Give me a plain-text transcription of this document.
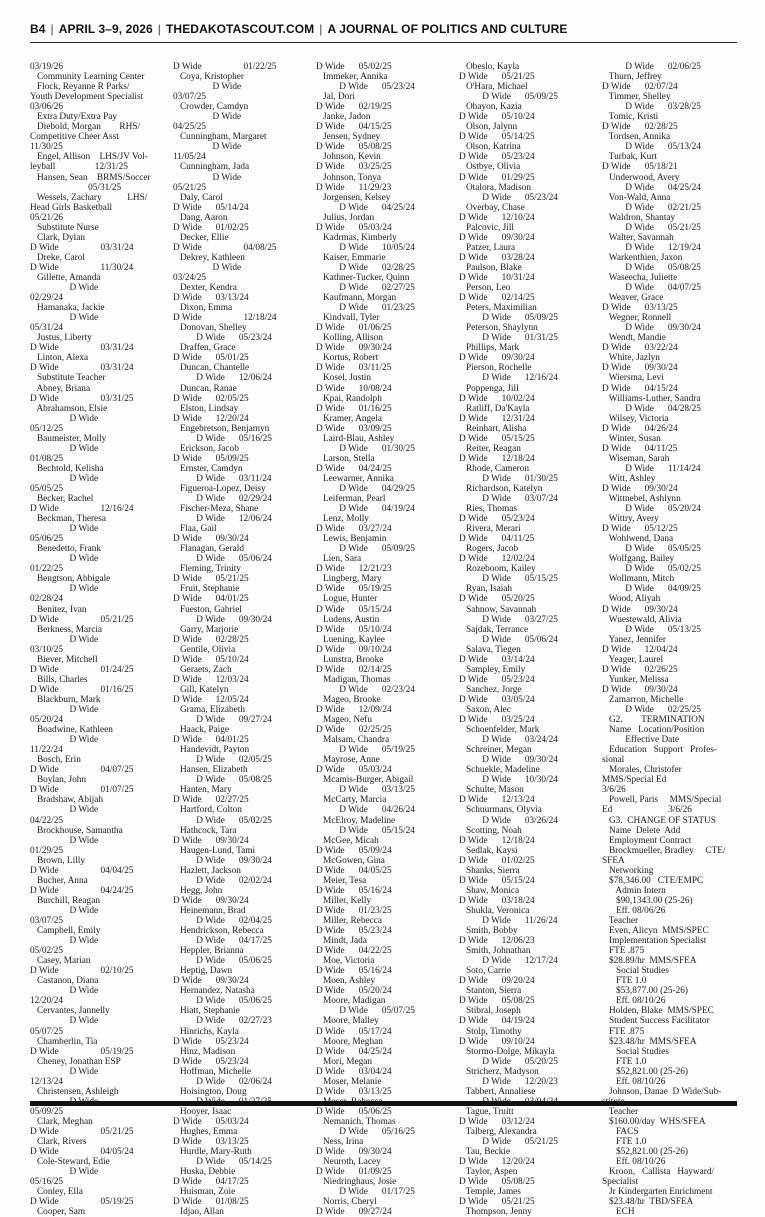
B4 | APRIL 3–9, 2026 | THEDAKOTASCOUT.COM | A JOURNAL OF POLITICS AND CULTURE
03/19/26
Community Learning Center
Flock, Reyanne R Parks/
Youth Development Specialist
03/06/26
Extra Duty/Extra Pay
Diebold, Morgan        RHS/
Competitive Cheer Asst
11/30/25
Engel, Allison    LHS/JV Vol-
leyball                 12/31/25
Hansen, Sean    BRMS/Soccer
05/31/25
Wessels, Zachary           LHS/
Head Girls Basketball
05/21/26
Substitute Nurse
Clark, Dylan
D Wide                  03/31/24
Dreke, Carol
D Wide                  11/30/24
Gillette, Amanda
D Wide
02/29/24
Hamanaka, Jackie
D Wide
05/31/24
Justus, Liberty
D Wide                  03/31/24
Linton, Alexa
D Wide                  03/31/24
Substitute Teacher
Abney, Briana
D Wide                  03/31/25
Abrahamson, Elsie
D Wide
05/12/25
Baumeister, Molly
D Wide
01/08/25
Bechtold, Kelisha
D Wide
05/05/25
Becker, Rachel
D Wide                  12/16/24
Beckman, Theresa
D Wide
05/06/25
Benedetto, Frank
D Wide
01/22/25
Bengtson, Abbigale
D Wide
02/28/24
Benitez, Ivan
D Wide                  05/21/25
Berkness, Marcia
D Wide
03/10/25
Biever, Mitchell
D Wide                  01/24/25
Bills, Charles
D Wide                  01/16/25
Blackburn, Mark
D Wide
05/20/24
Boadwine, Kathleen
D Wide
11/22/24
Bosch, Erin
D Wide                  04/07/25
Boylan, John
D Wide                  01/07/25
Bradshaw, Abijah
D Wide
04/22/25
Brockhouse, Samantha
D Wide
01/29/25
Brown, Lilly
D Wide                  04/04/25
Bucher, Anna
D Wide                  04/24/25
Burchill, Reagan
D Wide
03/07/25
Campbell, Emily
D Wide
05/02/25
Casey, Marian
D Wide                  02/10/25
Castanon, Diana
D Wide
12/20/24
Cervantes, Jannelly
D Wide
05/07/25
Chamberlin, Tia
D Wide                  05/19/25
Cheney, Jonathan ESP
D Wide
12/13/24
Christensen, Ashleigh
05/09/25
Clark, Meghan
D Wide                  05/21/25
Clark, Rivers
D Wide                  04/05/24
Cole-Steward, Edie
D Wide
05/16/25
Conley, Ella
D Wide                  05/19/25
Cooper, Sam
D Wide                  01/22/25
Coya, Kristopher
D Wide
03/07/25
Crowder, Camdyn
D Wide
04/25/25
Cunningham, Margaret
D Wide
11/05/24
Cunningham, Jada
D Wide
05/21/25
Daly, Carol
D Wide      05/14/24
Dang, Aaron
D Wide      01/02/25
Decker, Ellie
D Wide                  04/08/25
Dekrey, Kathleen
D Wide
03/24/25
Dexter, Kendra
D Wide      03/13/24
Dixon, Emma
D Wide                  12/18/24
Donovan, Shelley
D Wide      05/23/24
Draffen, Grace
D Wide      05/01/25
Duncan, Chantelle
D Wide      12/06/24
Duncan, Ranae
D Wide      02/05/25
Elston, Lindsay
D Wide      12/20/24
Engebretson, Benjamyn
D Wide      05/16/25
Erickson, Jacob
D Wide      05/09/25
Ernster, Camdyn
D Wide      03/11/24
Figueroa-Lopez, Deisy
D Wide      02/29/24
Fischer-Meza, Shane
D Wide      12/06/24
Flaa, Gail
D Wide      09/30/24
Flanagan, Gerald
D Wide      05/06/24
Fleming, Trinity
D Wide      05/21/25
Fruit, Stephanie
D Wide      04/01/25
Fueston, Gabriel
D Wide      09/30/24
Garry, Marjorie
D Wide      02/28/25
Gentile, Olivia
D Wide      05/10/24
Geraets, Zach
D Wide      12/03/24
Gill, Katelyn
D Wide      12/05/24
Grama, Elizabeth
D Wide      09/27/24
Haack, Paige
D Wide      04/01/25
Handevidt, Payton
D Wide      02/05/25
Hansen, Elizabeth
D Wide      05/08/25
Hanten, Mary
D Wide      02/27/25
Hartford, Colton
D Wide      05/02/25
Hathcock, Tara
D Wide      09/30/24
Haugen-Lund, Tami
D Wide      09/30/24
Hazlett, Jackson
D Wide      02/02/24
Hegg, John
D Wide      09/30/24
Heinemann, Brad
D Wide      02/04/25
Hendrickson, Rebecca
D Wide      04/17/25
Heppler, Brianna
D Wide      05/06/25
Heptig, Dawn
D Wide      09/30/24
Hernandez, Natasha
D Wide      05/06/25
Hiatt, Stephanie
D Wide      02/27/23
Hinrichs, Kayla
D Wide      05/23/24
Hinz, Madison
D Wide      05/23/24
Hoffman, Michelle
D Wide      02/06/24
Hoisington, Doug
Hooyer, Isaac
D Wide      05/03/24
Hughes, Emma
D Wide      03/13/25
Hurdle, Mary-Ruth
D Wide      05/14/25
Huska, Debbie
D Wide      04/17/25
Huisman, Zoie
D Wide      01/08/25
Idjao, Allan
D Wide      05/02/25
Immeker, Annika
D Wide      05/23/24
Jal, Dori
D Wide      02/19/25
Janke, Jadon
D Wide      04/15/25
Jensen, Sydney
D Wide      05/08/25
Johnson, Kevin
D Wide      03/25/25
Johnson, Tonya
D Wide      11/29/23
Jorgensen, Kelsey
D Wide      04/25/24
Julius, Jordan
D Wide      05/03/24
Kadrmas, Kimberly
D Wide      10/05/24
Kaiser, Emmarie
D Wide      02/28/25
Kathner-Tucker, Quinn
D Wide      02/27/25
Kaufmann, Morgan
D Wide      01/23/25
Kindvall, Tyler
D Wide      01/06/25
Kolling, Allison
D Wide      09/30/24
Kortus, Robert
D Wide      03/11/25
Kosel, Justin
D Wide      10/08/24
Kpai, Randolph
D Wide      01/16/25
Kramer, Angela
D Wide      03/09/25
Laird-Blau, Ashley
D Wide      01/30/25
Larson, Stella
D Wide      04/24/25
Leewarner, Annika
D Wide      04/29/25
Leiferman, Pearl
D Wide      04/19/24
Lenz, Molly
D Wide      03/27/24
Lewis, Benjamin
D Wide      05/09/25
Lien, Sara
D Wide      12/21/23
Lingberg, Mary
D Wide      05/19/25
Logue, Hunter
D Wide      05/15/24
Ludens, Austin
D Wide      05/10/24
Luening, Kaylee
D Wide      09/10/24
Lunstra, Brooke
D Wide      02/14/25
Madigan, Thomas
D Wide      02/23/24
Mageo, Brooke
D Wide      12/09/24
Mageo, Nefu
D Wide      02/25/25
Malsam, Chandra
D Wide      05/19/25
Mayrose, Anne
D Wide      05/03/24
Mcamis-Burger, Abigail
D Wide      03/13/25
McCarty, Marcia
D Wide      04/26/24
McElroy, Madeline
D Wide      05/15/24
McGee, Micah
D Wide      05/09/24
McGowen, Gina
D Wide      04/05/25
Meier, Tesa
D Wide      05/16/24
Miller, Kelly
D Wide      01/23/25
Miller, Rebecca
D Wide      05/23/24
Mindt, Jada
D Wide      04/22/25
Moe, Victoria
D Wide      05/16/24
Moen, Ashley
D Wide      05/20/24
Moore, Madigan
D Wide      05/07/25
Moore, Malley
D Wide      05/17/24
Moore, Meghan
D Wide      04/25/24
Mori, Megan
D Wide      03/04/24
Moser, Melanie
D Wide      03/13/25
D Wide      05/06/25
Nemanich, Thomas
D Wide      05/16/25
Ness, Irina
D Wide      09/30/24
Neuroth, Lacey
D Wide      01/09/25
Niedringhaus, Josie
D Wide      01/17/25
Norris, Cheryl
D Wide      09/27/24
Obeslo, Kayla
D Wide      05/21/25
O'Hara, Michael
D Wide      05/09/25
Ohayon, Kazia
D Wide      05/10/24
Olson, Jalynn
D Wide      05/14/25
Olson, Katrina
D Wide      05/23/24
Ostbye, Olivia
D Wide      01/29/25
Otalora, Madison
D Wide      05/23/24
Overbay, Chase
D Wide      12/10/24
Palcovic, Jill
D Wide      09/30/24
Patzer, Laura
D Wide      03/28/24
Paulson, Blake
D Wide      10/31/24
Person, Leo
D Wide      02/14/25
Peters, Maximilian
D Wide      05/09/25
Peterson, Shaylynn
D Wide      01/31/25
Phillips, Mark
D Wide      09/30/24
Pierson, Rochelle
D Wide      12/16/24
Poppenga, Jill
D Wide      10/02/24
Ratliff, Da'Kayla
D Wide      12/31/24
Reinhart, Alisha
D Wide      05/15/25
Reiter, Reagan
D Wide      12/18/24
Rhode, Cameron
D Wide      01/30/25
Richardson, Katelyn
D Wide      03/07/24
Ries, Thomas
D Wide      05/23/24
Rivera, Merari
D Wide      04/11/25
Rogers, Jacob
D Wide      12/02/24
Rozeboom, Kailey
D Wide      05/15/25
Ryan, Isaiah
D Wide      05/20/25
Sahnow, Savannah
D Wide      03/27/25
Sajdak, Terrance
D Wide      05/06/24
Salava, Tiegen
D Wide      03/14/24
Sampley, Emily
D Wide      05/23/24
Sanchez, Jorge
D Wide      03/05/24
Saxon, Alec
D Wide      03/25/24
Schoenfelder, Mark
D Wide      03/24/24
Schreiner, Megan
D Wide      09/30/24
Schuekle, Madeline
D Wide      10/30/24
Schulte, Mason
D Wide      12/13/24
Schuurmans, Olyvia
D Wide      03/26/24
Scotting, Noah
D Wide      12/18/24
Sedlak, Kaysi
D Wide      01/02/25
Shanks, Sierra
D Wide      05/15/24
Shaw, Monica
D Wide      03/18/24
Shukla, Veronica
D Wide      11/26/24
Smith, Bobby
D Wide      12/06/23
Smith, Johnathan
D Wide      12/17/24
Soto, Carrie
D Wide      09/20/24
Stanton, Sierra
D Wide      05/08/25
Stibral, Joseph
D Wide      04/19/24
Stolp, Timothy
D Wide      09/10/24
Stormo-Dolge, Mikayla
D Wide      05/20/25
Stricherz, Madyson
D Wide      12/20/23
Tabbert, Annaliese
Tague, Truitt
D Wide      03/12/24
Talberg, Alexandra
D Wide      05/21/25
Tau, Beckie
D Wide      12/20/24
Taylor, Aspen
D Wide      05/08/25
Temple, James
D Wide      05/21/25
Thompson, Jenny
D Wide      02/06/25
Thurn, Jeffrey
D Wide      02/07/24
Timmer, Shelley
D Wide      03/28/25
Tomic, Kristi
D Wide      02/28/25
Tordsen, Annika
D Wide      05/13/24
Turbak, Kurt
D Wide      05/18/21
Underwood, Avery
D Wide      04/25/24
Von-Wald, Anna
D Wide      02/21/25
Waldron, Shantay
D Wide      05/21/25
Walter, Savannah
D Wide      12/19/24
Warkenthien, Jaxon
D Wide      05/08/25
Waseecha, Juliette
D Wide      04/07/25
Weaver, Grace
D Wide      03/13/25
Wegner, Ronnell
D Wide      09/30/24
Wendt, Mandie
D Wide      03/22/24
White, Jazlyn
D Wide      09/30/24
Wiersma, Levi
D Wide      04/15/24
Williams-Luther, Sandra
D Wide      04/28/25
Wilsey, Victoria
D Wide      04/26/24
Winter, Susan
D Wide      04/11/25
Wiseman, Sarah
D Wide      11/14/24
Witt, Ashley
D Wide      09/30/24
Wittnebel, Ashlynn
D Wide      05/20/24
Wittry, Avery
D Wide      05/12/25
Wohlwend, Dana
D Wide      05/05/25
Wolfgang, Bailey
D Wide      05/02/25
Wollmann, Mitch
D Wide      04/09/25
Wood, Aliyah
D Wide      09/30/24
Wuestewald, Alivia
D Wide      05/13/25
Yanez, Jennifer
D Wide      12/04/24
Yeager, Laurel
D Wide      02/26/25
Yunker, Melissa
D Wide      09/30/24
Zamarron, Michelle
D Wide      02/25/25
G2.        TERMINATION
Name   Location/Position
Effective Date
Education   Support   Profes-
sional
Morales, Christofer
MMS/Special Ed
3/6/26
Powell, Paris     MMS/Special
Ed                        3/6/26
G3.  CHANGE OF STATUS
Name  Delete  Add
Employment Contract
Brockmueller, Bradley     CTE/
SFEA
Networking
$78,346.00   CTE/EMPC
Admin Intern
$90,1343.00 (25-26)
Eff. 08/06/26
Teacher
Even, Alicyn  MMS/SPEC
Implementation Specialist
FTE .875
$28.89/hr  MMS/SFEA
Social Studies
FTE 1.0
$53,877.00 (25-26)
Eff. 08/10/26
Holden, Blake  MMS/SPEC
Student Success Facilitator
FTE .875
$23.48/hr  MMS/SFEA
Social Studies
FTE 1.0
$52,821.00 (25-26)
Eff. 08/10/26
Johnson, Danae  D Wide/Sub-
Teacher
$160.00/day  WHS/SFEA
FACS
FTE 1.0
$52,821.00 (25-26)
Eff. 08/10/26
Kroon,   Callista   Hayward/
Specialist
Jr Kindergarten Enrichment
$23.48/hr  TBD/SFEA
ECH
